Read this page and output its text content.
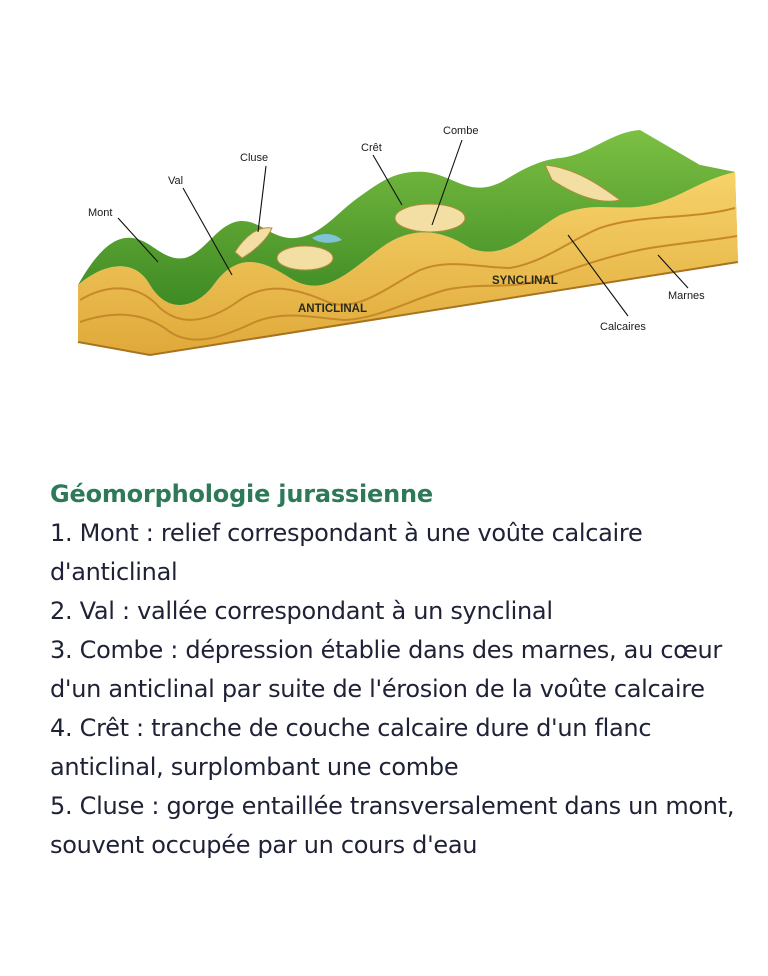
Mont
Val
Cluse
Crêt
Combe
Marnes
Calcaires
ANTICLINAL
SYNCLINAL
Géomorphologie jurassienne

1. Mont : relief correspondant à une voûte calcaire d'anticlinal

2. Val : vallée correspondant à un synclinal

3. Combe : dépression établie dans des marnes, au cœur d'un anticlinal par suite de l'érosion de la voûte calcaire

4. Crêt : tranche de couche calcaire dure d'un flanc anticlinal, surplombant une combe

5. Cluse : gorge entaillée transversalement dans un mont, souvent occupée par un cours d'eau
